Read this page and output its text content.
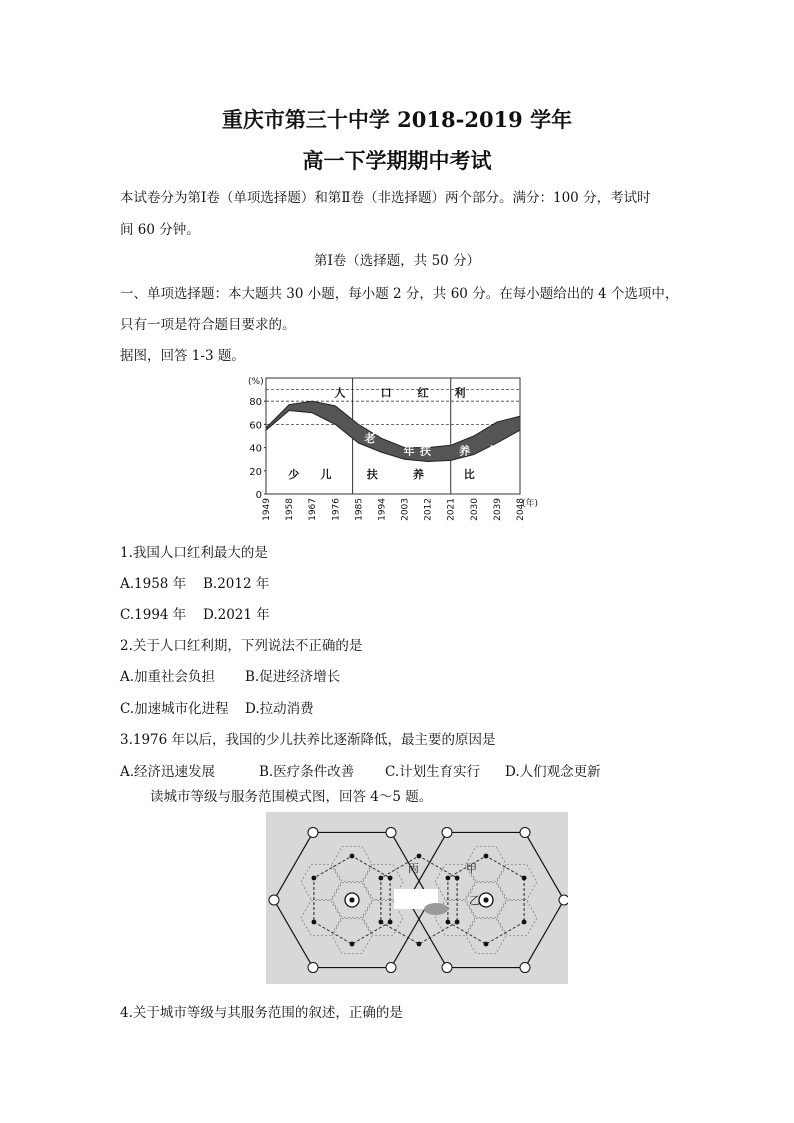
重庆市第三十中学 2018-2019 学年
高一下学期期中考试
本试卷分为第Ⅰ卷（单项选择题）和第Ⅱ卷（非选择题）两个部分。满分：100 分，考试时
间 60 分钟。
第Ⅰ卷（选择题，共 50 分）
一、单项选择题：本大题共 30 小题，每小题 2 分，共 60 分。在每小题给出的 4 个选项中，
只有一项是符合题目要求的。
据图，回答 1-3 题。
0
20
40
60
80
(%)
1949 1958 1967 1976 1985 1994 2003 2012 2021 2030 2039 2048
(年)
人	口 红 利
老
年 扶	养 比
少 儿	扶	养	比
1.我国人口红利最大的是
A.1958 年 B.2012 年
C.1994 年 D.2021 年
2.关于人口红利期，下列说法不正确的是
A.加重社会负担 B.促进经济增长
C.加速城市化进程 D.拉动消费
3.1976 年以后，我国的少儿扶养比逐渐降低，最主要的原因是
A.经济迅速发展	B.医疗条件改善 C.计划生育实行 D.人们观念更新
读城市等级与服务范围模式图，回答 4～5 题。
丙	甲
乙
4.关于城市等级与其服务范围的叙述，正确的是
